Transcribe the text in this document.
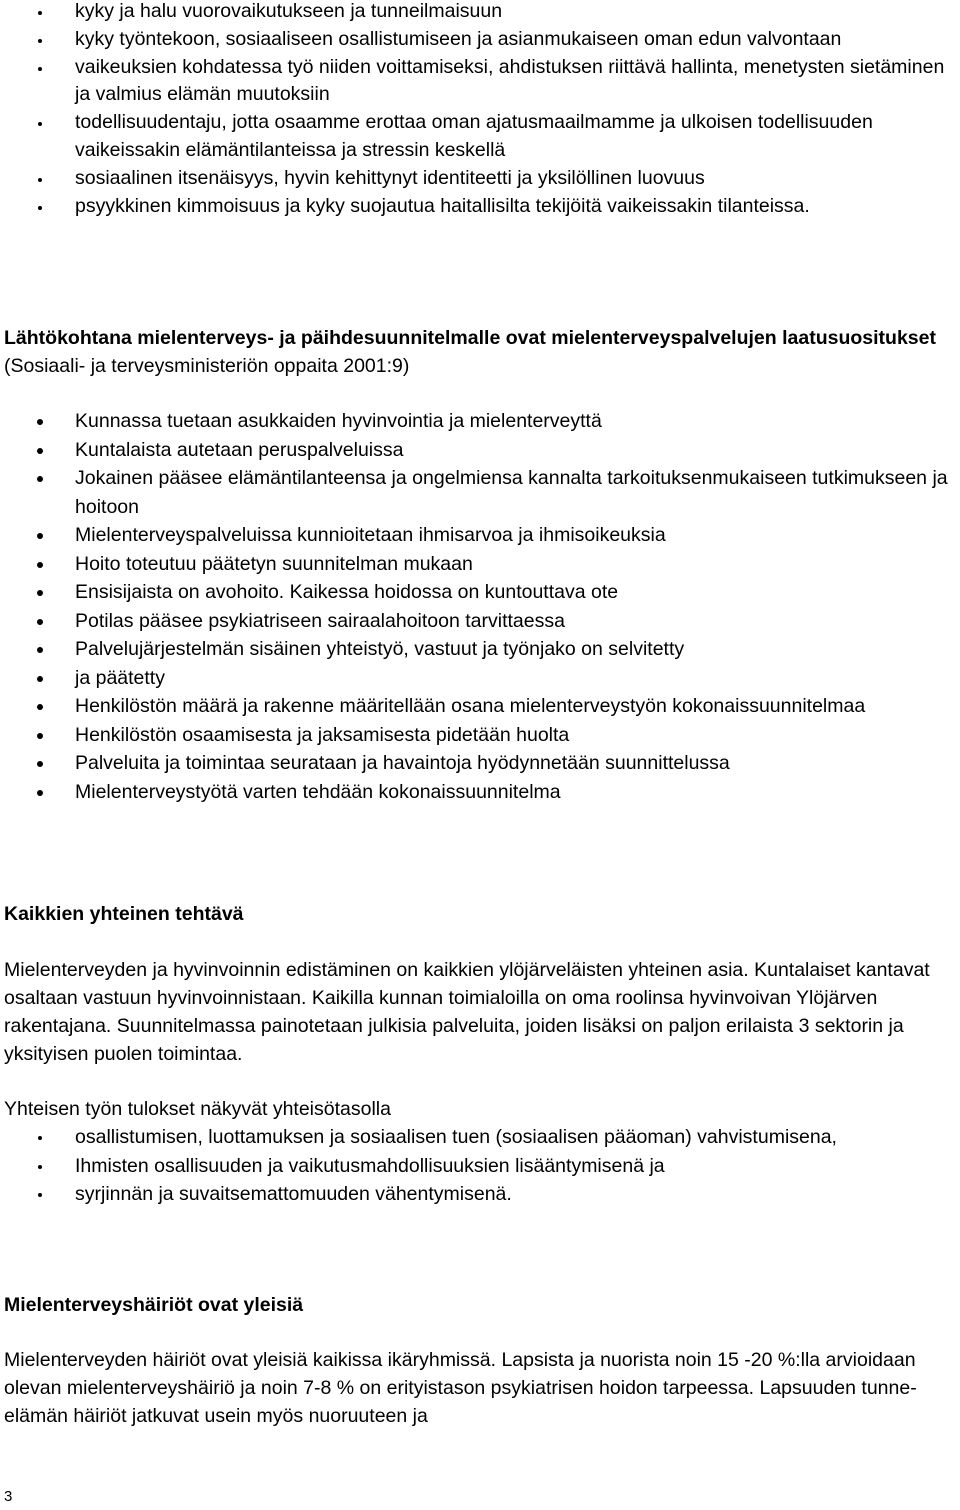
kyky ja halu vuorovaikutukseen ja tunneilmaisuun
kyky työntekoon, sosiaaliseen osallistumiseen ja asianmukaiseen oman edun valvontaan
vaikeuksien kohdatessa työ niiden voittamiseksi, ahdistuksen riittävä hallinta, menetysten sietäminen ja valmius elämän muutoksiin
todellisuudentaju, jotta osaamme erottaa oman ajatusmaailmamme ja ulkoisen todellisuuden vaikeissakin elämäntilanteissa ja stressin keskellä
sosiaalinen itsenäisyys, hyvin kehittynyt identiteetti ja yksilöllinen luovuus
psyykkinen kimmoisuus ja kyky suojautua haitallisilta tekijöitä vaikeissakin tilanteissa.

Lähtökohtana mielenterveys- ja päihdesuunnitelmalle ovat mielenterveyspalvelujen laatusuositukset (Sosiaali- ja terveysministeriön oppaita 2001:9)

Kunnassa tuetaan asukkaiden hyvinvointia ja mielenterveyttä
Kuntalaista autetaan peruspalveluissa
Jokainen pääsee elämäntilanteensa ja ongelmiensa kannalta tarkoituksenmukaiseen tutkimukseen ja hoitoon
Mielenterveyspalveluissa kunnioitetaan ihmisarvoa ja ihmisoikeuksia
Hoito toteutuu päätetyn suunnitelman mukaan
Ensisijaista on avohoito. Kaikessa hoidossa on kuntouttava ote
Potilas pääsee psykiatriseen sairaalahoitoon tarvittaessa
Palvelujärjestelmän sisäinen yhteistyö, vastuut ja työnjako on selvitetty
ja päätetty
Henkilöstön määrä ja rakenne määritellään osana mielenterveystyön kokonaissuunnitelmaa
Henkilöstön osaamisesta ja jaksamisesta pidetään huolta
Palveluita ja toimintaa seurataan ja havaintoja hyödynnetään suunnittelussa
Mielenterveystyötä varten tehdään kokonaissuunnitelma
Kaikkien yhteinen tehtävä

Mielenterveyden ja hyvinvoinnin edistäminen on kaikkien ylöjärveläisten yhteinen asia. Kuntalaiset kantavat osaltaan vastuun hyvinvoinnistaan. Kaikilla kunnan toimialoilla on oma roolinsa hyvinvoivan Ylöjärven rakentajana. Suunnitelmassa painotetaan julkisia palveluita, joiden lisäksi on paljon erilaista 3 sektorin ja yksityisen puolen toimintaa.

Yhteisen työn tulokset näkyvät yhteisötasolla

osallistumisen, luottamuksen ja sosiaalisen tuen (sosiaalisen pääoman) vahvistumisena,
Ihmisten osallisuuden ja vaikutusmahdollisuuksien lisääntymisenä ja
syrjinnän ja suvaitsemattomuuden vähentymisenä.
Mielenterveyshäiriöt ovat yleisiä

Mielenterveyden häiriöt ovat yleisiä kaikissa ikäryhmissä. Lapsista ja nuorista noin 15 -20 %:lla arvioidaan olevan mielenterveyshäiriö ja noin 7-8 % on erityistason psykiatrisen hoidon tarpeessa. Lapsuuden tunne-elämän häiriöt jatkuvat usein myös nuoruuteen ja

3
